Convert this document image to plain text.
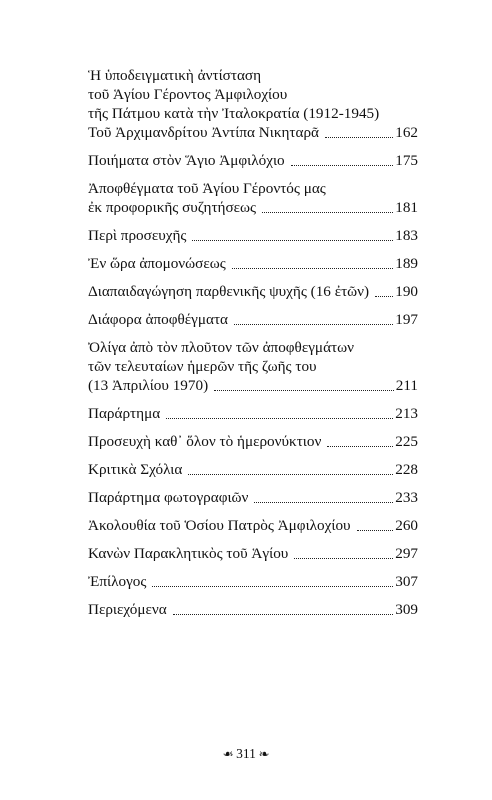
Ἡ ὑποδειγματικὴ ἀντίσταση
τοῦ Ἁγίου Γέροντος Ἀμφιλοχίου
τῆς Πάτμου κατὰ τὴν Ἰταλοκρατία (1912-1945)
Τοῦ Ἀρχιμανδρίτου Ἀντίπα Νικηταρᾶ	162
Ποιήματα στὸν Ἅγιο Ἀμφιλόχιο	175
Ἀποφθέγματα τοῦ Ἁγίου Γέροντός μας
ἐκ προφορικῆς συζητήσεως	181
Περὶ προσευχῆς	183
Ἐν ὥρα ἀπομονώσεως	189
Διαπαιδαγώγηση παρθενικῆς ψυχῆς (16 ἐτῶν) 190
Διάφορα ἀποφθέγματα	197
Ὀλίγα ἀπὸ τὸν πλοῦτον τῶν ἀποφθεγμάτων
τῶν τελευταίων ἡμερῶν τῆς ζωῆς του
(13 Ἀπριλίου 1970)	211
Παράρτημα	213
Προσευχὴ καθ᾽ ὅλον τὸ ἡμερονύκτιον	225
Κριτικὰ Σχόλια	228
Παράρτημα φωτογραφιῶν	233
Ἀκολουθία τοῦ Ὁσίου Πατρὸς Ἀμφιλοχίου	260
Κανὼν Παρακλητικὸς τοῦ Ἁγίου	297
Ἐπίλογος	307
Περιεχόμενα	309
❧ 311 ❧
